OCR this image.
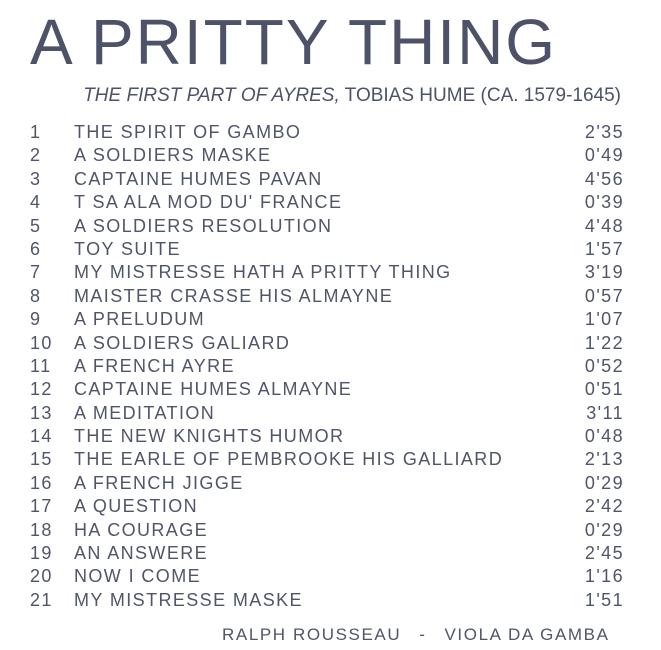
A PRITTY THING
THE FIRST PART OF AYRES, TOBIAS HUME (CA. 1579-1645)
1	THE SPIRIT OF GAMBO	2'35
2	A SOLDIERS MASKE	0'49
3	CAPTAINE HUMES PAVAN	4'56
4	T SA ALA MOD DU' FRANCE	0'39
5	A SOLDIERS RESOLUTION	4'48
6	TOY SUITE	1'57
7	MY MISTRESSE HATH A PRITTY THING	3'19
8	MAISTER CRASSE HIS ALMAYNE	0'57
9	A PRELUDUM	1'07
10	A SOLDIERS GALIARD	1'22
11	A FRENCH AYRE	0'52
12	CAPTAINE HUMES ALMAYNE	0'51
13	A MEDITATION	3'11
14	THE NEW KNIGHTS HUMOR	0'48
15	THE EARLE OF PEMBROOKE HIS GALLIARD	2'13
16	A FRENCH JIGGE	0'29
17	A QUESTION	2'42
18	HA COURAGE	0'29
19	AN ANSWERE	2'45
20	NOW I COME	1'16
21	MY MISTRESSE MASKE	1'51
RALPH ROUSSEAU - VIOLA DA GAMBA
